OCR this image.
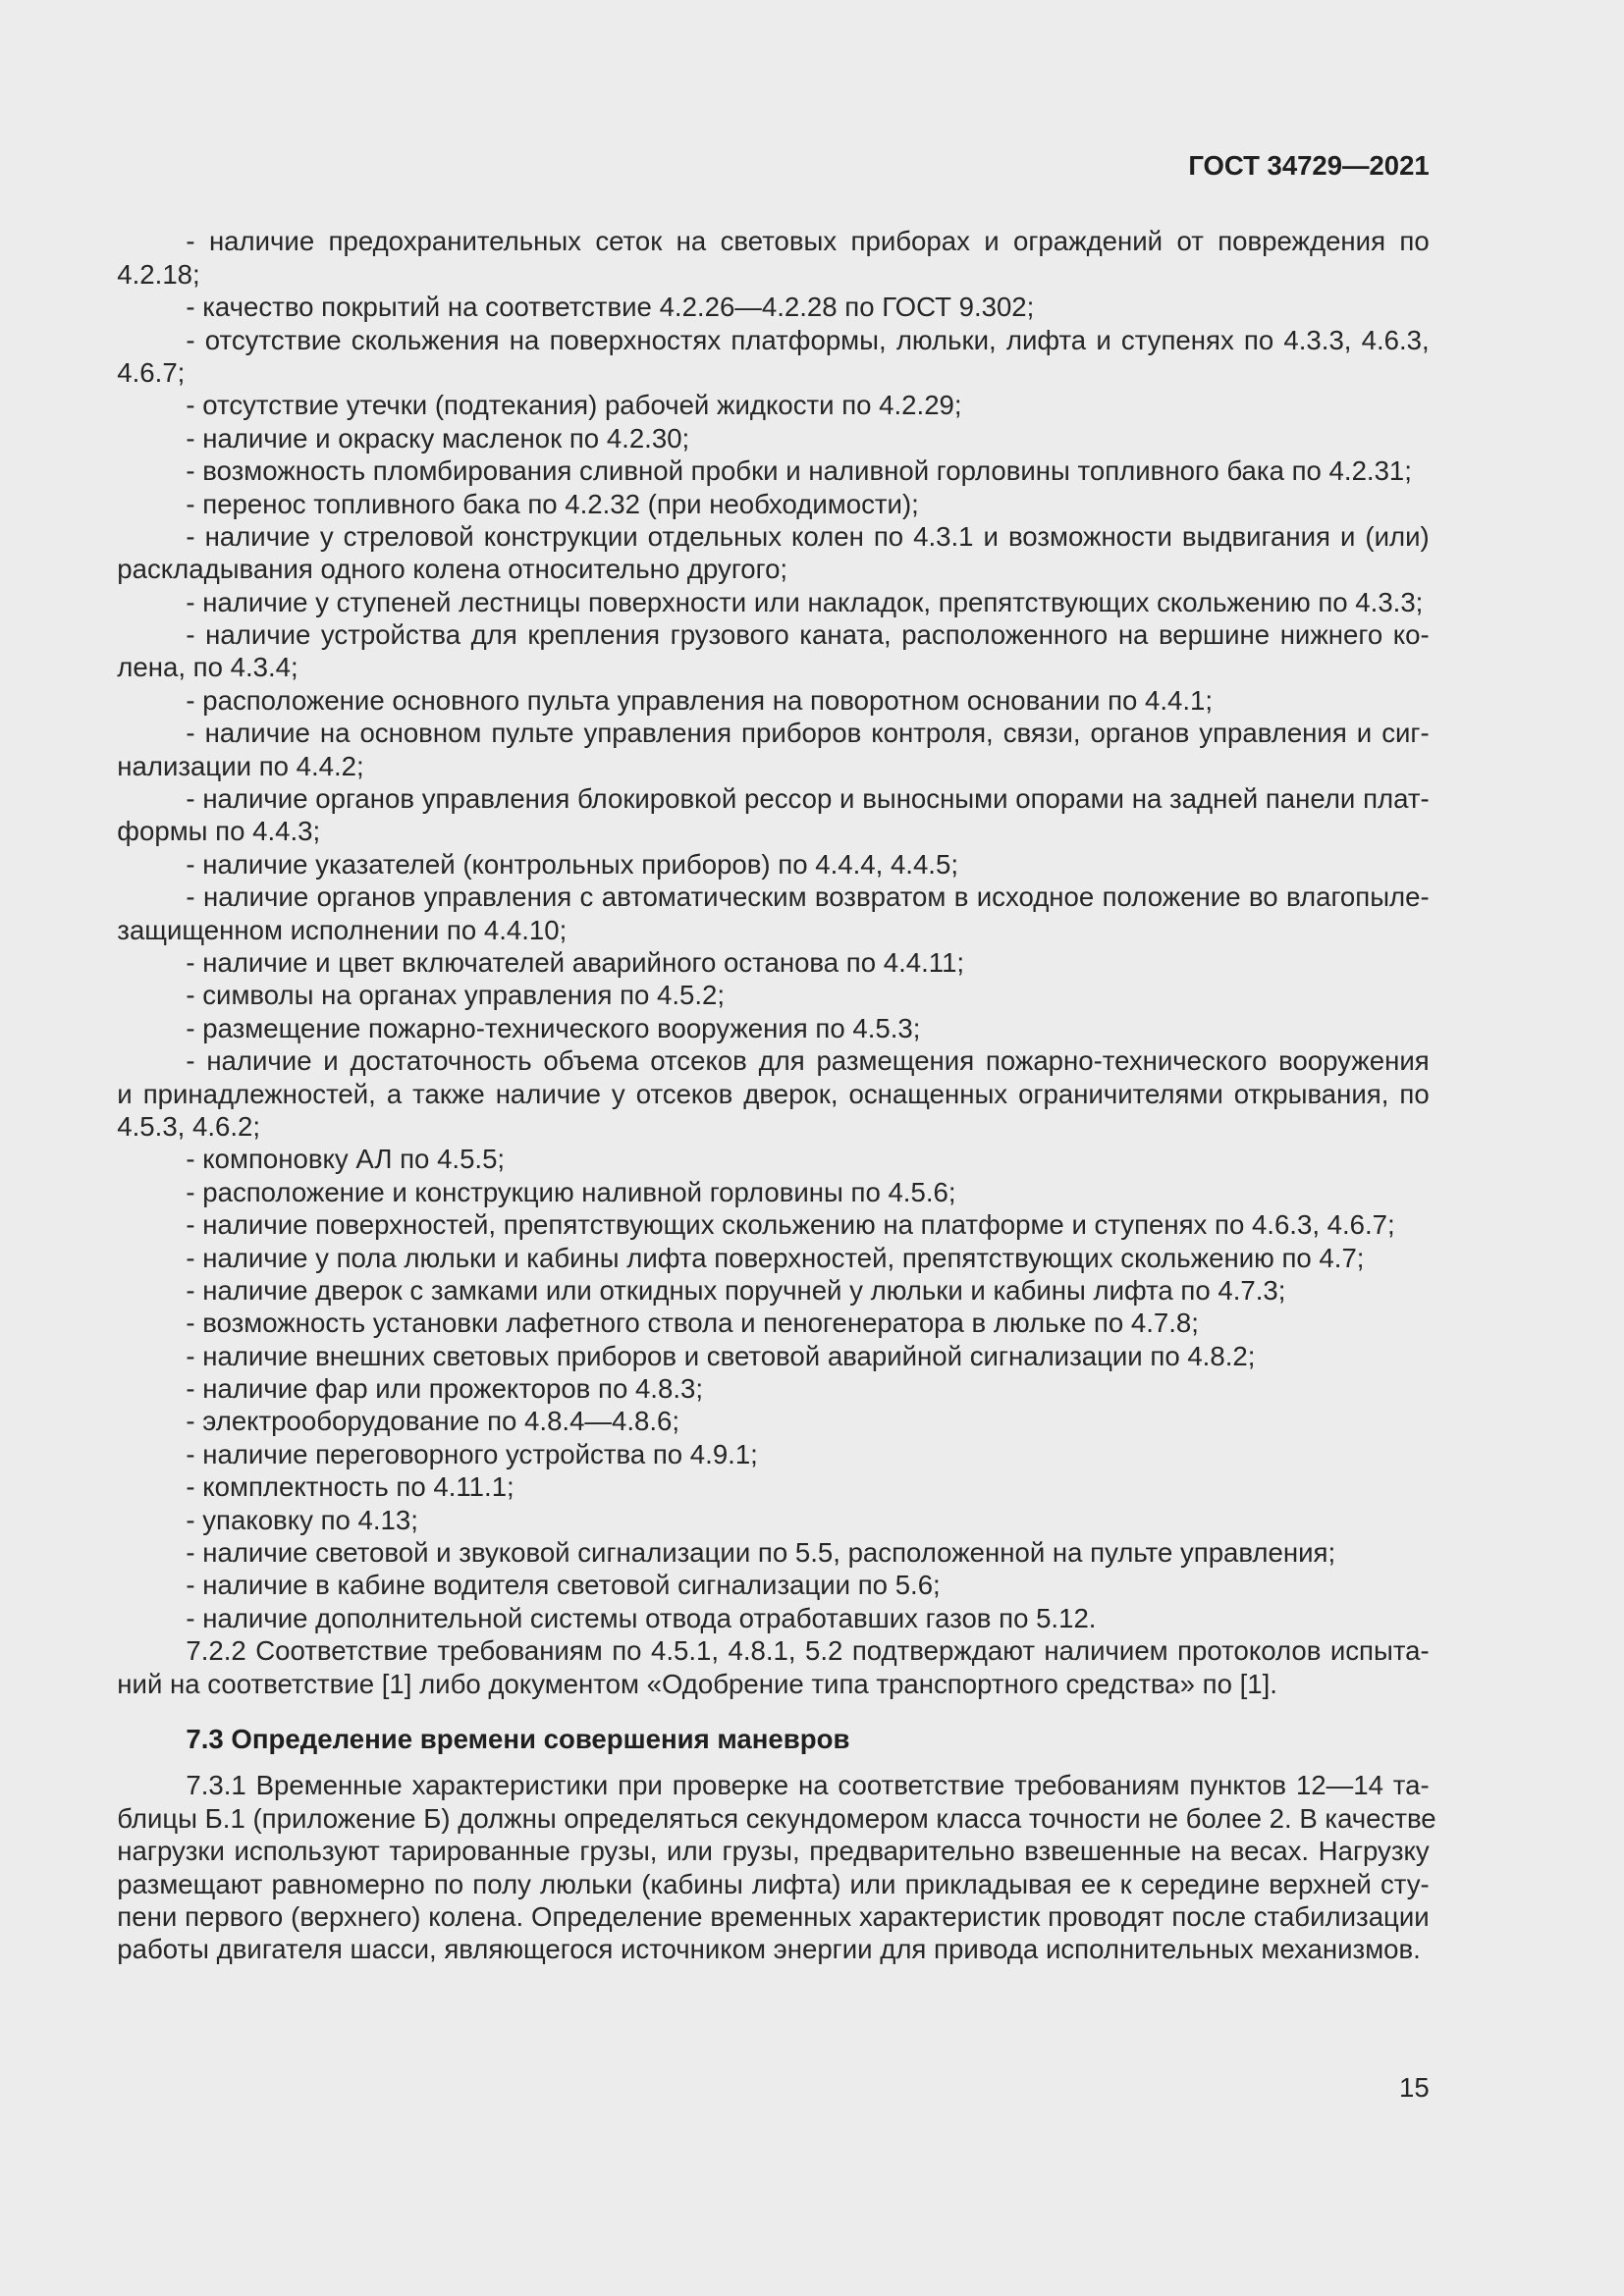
ГОСТ 34729—2021
- наличие предохранительных сеток на световых приборах и ограждений от повреждения по
4.2.18;
- качество покрытий на соответствие 4.2.26—4.2.28 по ГОСТ 9.302;
- отсутствие скольжения на поверхностях платформы, люльки, лифта и ступенях по 4.3.3, 4.6.3,
4.6.7;
- отсутствие утечки (подтекания) рабочей жидкости по 4.2.29;
- наличие и окраску масленок по 4.2.30;
- возможность пломбирования сливной пробки и наливной горловины топливного бака по 4.2.31;
- перенос топливного бака по 4.2.32 (при необходимости);
- наличие у стреловой конструкции отдельных колен по 4.3.1 и возможности выдвигания и (или)
раскладывания одного колена относительно другого;
- наличие у ступеней лестницы поверхности или накладок, препятствующих скольжению по 4.3.3;
- наличие устройства для крепления грузового каната, расположенного на вершине нижнего ко-
лена, по 4.3.4;
- расположение основного пульта управления на поворотном основании по 4.4.1;
- наличие на основном пульте управления приборов контроля, связи, органов управления и сиг-
нализации по 4.4.2;
- наличие органов управления блокировкой рессор и выносными опорами на задней панели плат-
формы по 4.4.3;
- наличие указателей (контрольных приборов) по 4.4.4, 4.4.5;
- наличие органов управления с автоматическим возвратом в исходное положение во влагопыле-
защищенном исполнении по 4.4.10;
- наличие и цвет включателей аварийного останова по 4.4.11;
- символы на органах управления по 4.5.2;
- размещение пожарно-технического вооружения по 4.5.3;
- наличие и достаточность объема отсеков для размещения пожарно-технического вооружения
и принадлежностей, а также наличие у отсеков дверок, оснащенных ограничителями открывания, по
4.5.3, 4.6.2;
- компоновку АЛ по 4.5.5;
- расположение и конструкцию наливной горловины по 4.5.6;
- наличие поверхностей, препятствующих скольжению на платформе и ступенях по 4.6.3, 4.6.7;
- наличие у пола люльки и кабины лифта поверхностей, препятствующих скольжению по 4.7;
- наличие дверок с замками или откидных поручней у люльки и кабины лифта по 4.7.3;
- возможность установки лафетного ствола и пеногенератора в люльке по 4.7.8;
- наличие внешних световых приборов и световой аварийной сигнализации по 4.8.2;
- наличие фар или прожекторов по 4.8.3;
- электрооборудование по 4.8.4—4.8.6;
- наличие переговорного устройства по 4.9.1;
- комплектность по 4.11.1;
- упаковку по 4.13;
- наличие световой и звуковой сигнализации по 5.5, расположенной на пульте управления;
- наличие в кабине водителя световой сигнализации по 5.6;
- наличие дополнительной системы отвода отработавших газов по 5.12.
7.2.2 Соответствие требованиям по 4.5.1, 4.8.1, 5.2 подтверждают наличием протоколов испыта-
ний на соответствие [1] либо документом «Одобрение типа транспортного средства» по [1].
7.3 Определение времени совершения маневров
7.3.1 Временные характеристики при проверке на соответствие требованиям пунктов 12—14 та-
блицы Б.1 (приложение Б) должны определяться секундомером класса точности не более 2. В качестве
нагрузки используют тарированные грузы, или грузы, предварительно взвешенные на весах. Нагрузку
размещают равномерно по полу люльки (кабины лифта) или прикладывая ее к середине верхней сту-
пени первого (верхнего) колена. Определение временных характеристик проводят после стабилизации
работы двигателя шасси, являющегося источником энергии для привода исполнительных механизмов.
15
